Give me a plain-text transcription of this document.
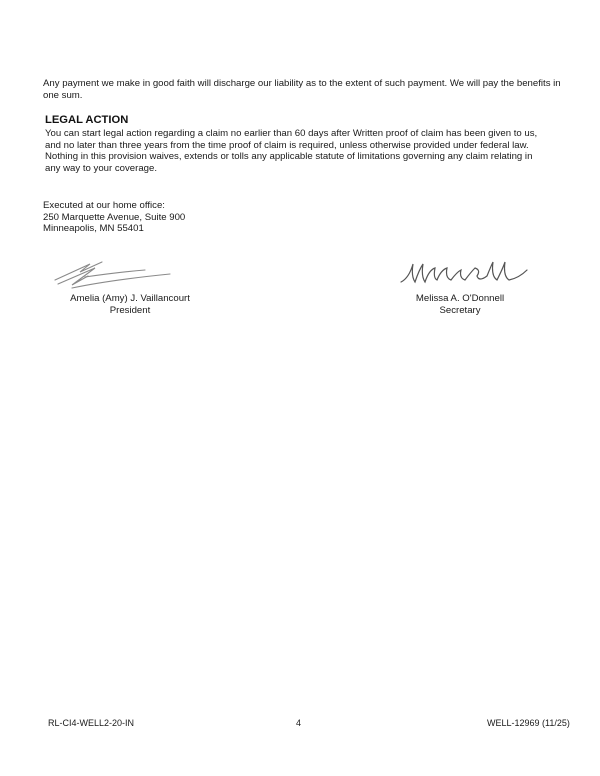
Any payment we make in good faith will discharge our liability as to the extent of such payment. We will pay the benefits in one sum.

LEGAL ACTION
You can start legal action regarding a claim no earlier than 60 days after Written proof of claim has been given to us,
and no later than three years from the time proof of claim is required, unless otherwise provided under federal law.
Nothing in this provision waives, extends or tolls any applicable statute of limitations governing any claim relating in
any way to your coverage.
Executed at our home office:
250 Marquette Avenue, Suite 900
Minneapolis, MN 55401
Amelia (Amy) J. Vaillancourt
President
Melissa A. O'Donnell
Secretary
RL-CI4-WELL2-20-IN	4	WELL-12969 (11/25)
